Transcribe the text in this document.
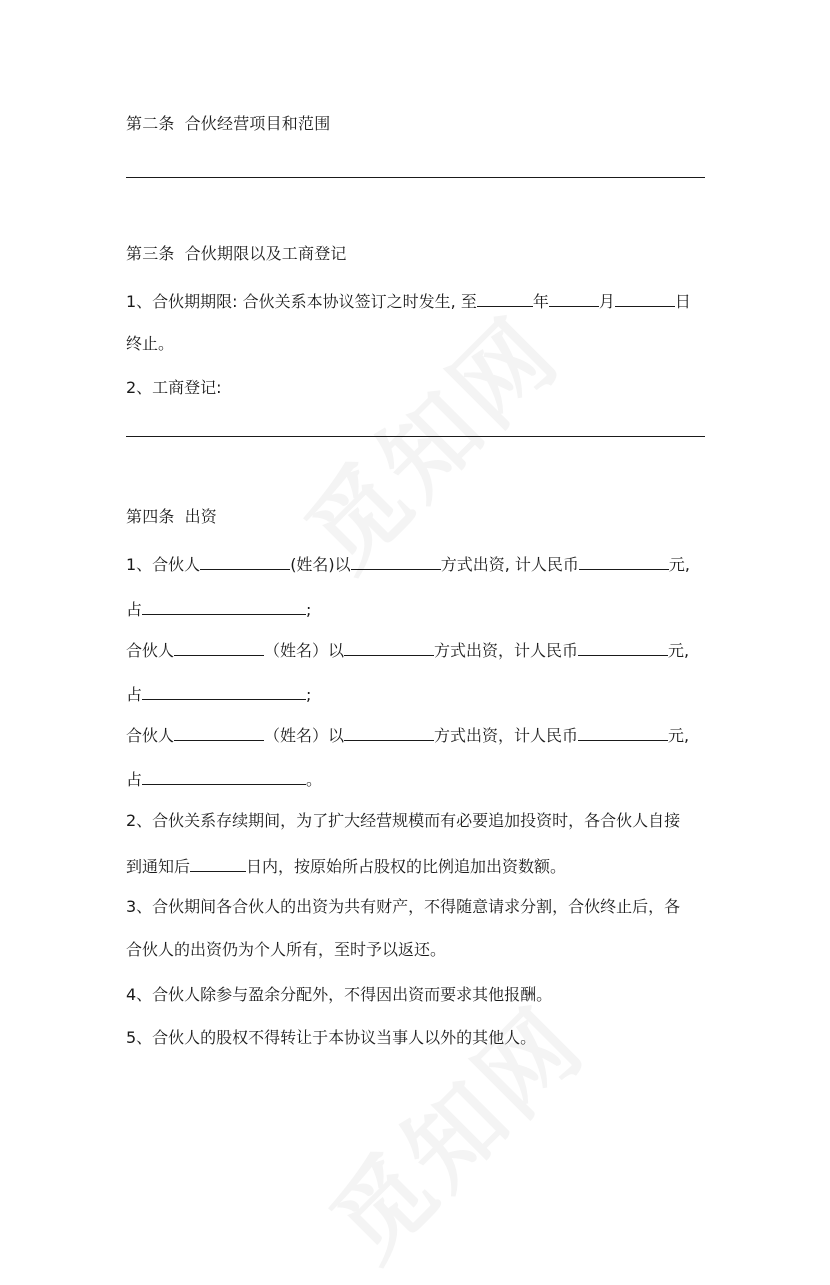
第二条 合伙经营项目和范围
第三条 合伙期限以及工商登记
1、合伙期期限: 合伙关系本协议签订之时发生, 至	年	月	日
终止。
2、工商登记:
第四条 出资
1、合伙人	(姓名)以	方式出资, 计人民币	元,
占	;
合伙人	（姓名）以	方式出资，计人民币	元,
占	;
合伙人	（姓名）以	方式出资，计人民币	元,
占	。
2、合伙关系存续期间，为了扩大经营规模而有必要追加投资时，各合伙人自接
到通知后	日内，按原始所占股权的比例追加出资数额。
3、合伙期间各合伙人的出资为共有财产，不得随意请求分割，合伙终止后，各
合伙人的出资仍为个人所有，至时予以返还。
4、合伙人除参与盈余分配外，不得因出资而要求其他报酬。
5、合伙人的股权不得转让于本协议当事人以外的其他人。
